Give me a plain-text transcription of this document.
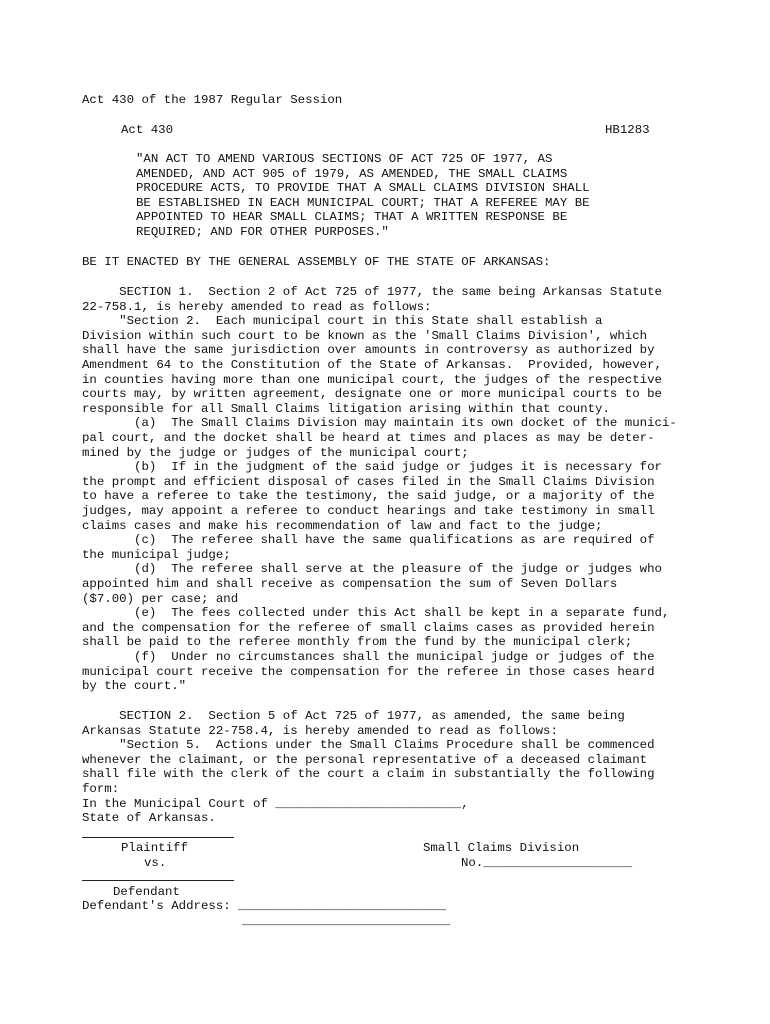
Act 430 of the 1987 Regular Session
Act 430	HB1283
"AN ACT TO AMEND VARIOUS SECTIONS OF ACT 725 OF 1977, AS
AMENDED, AND ACT 905 of 1979, AS AMENDED, THE SMALL CLAIMS
PROCEDURE ACTS, TO PROVIDE THAT A SMALL CLAIMS DIVISION SHALL
BE ESTABLISHED IN EACH MUNICIPAL COURT; THAT A REFEREE MAY BE
APPOINTED TO HEAR SMALL CLAIMS; THAT A WRITTEN RESPONSE BE
REQUIRED; AND FOR OTHER PURPOSES."
BE IT ENACTED BY THE GENERAL ASSEMBLY OF THE STATE OF ARKANSAS:
SECTION 1.  Section 2 of Act 725 of 1977, the same being Arkansas Statute
22-758.1, is hereby amended to read as follows:
"Section 2.  Each municipal court in this State shall establish a
Division within such court to be known as the 'Small Claims Division', which
shall have the same jurisdiction over amounts in controversy as authorized by
Amendment 64 to the Constitution of the State of Arkansas.  Provided, however,
in counties having more than one municipal court, the judges of the respective
courts may, by written agreement, designate one or more municipal courts to be
responsible for all Small Claims litigation arising within that county.
(a)  The Small Claims Division may maintain its own docket of the munici-
pal court, and the docket shall be heard at times and places as may be deter-
mined by the judge or judges of the municipal court;
(b)  If in the judgment of the said judge or judges it is necessary for
the prompt and efficient disposal of cases filed in the Small Claims Division
to have a referee to take the testimony, the said judge, or a majority of the
judges, may appoint a referee to conduct hearings and take testimony in small
claims cases and make his recommendation of law and fact to the judge;
(c)  The referee shall have the same qualifications as are required of
the municipal judge;
(d)  The referee shall serve at the pleasure of the judge or judges who
appointed him and shall receive as compensation the sum of Seven Dollars
($7.00) per case; and
(e)  The fees collected under this Act shall be kept in a separate fund,
and the compensation for the referee of small claims cases as provided herein
shall be paid to the referee monthly from the fund by the municipal clerk;
(f)  Under no circumstances shall the municipal judge or judges of the
municipal court receive the compensation for the referee in those cases heard
by the court."
SECTION 2.  Section 5 of Act 725 of 1977, as amended, the same being
Arkansas Statute 22-758.4, is hereby amended to read as follows:
"Section 5.  Actions under the Small Claims Procedure shall be commenced
whenever the claimant, or the personal representative of a deceased claimant
shall file with the clerk of the court a claim in substantially the following
form:
In the Municipal Court of _________________________,
State of Arkansas.
Plaintiff	Small Claims Division
vs.	No.____________________
Defendant
Defendant's Address: ____________________________
____________________________
